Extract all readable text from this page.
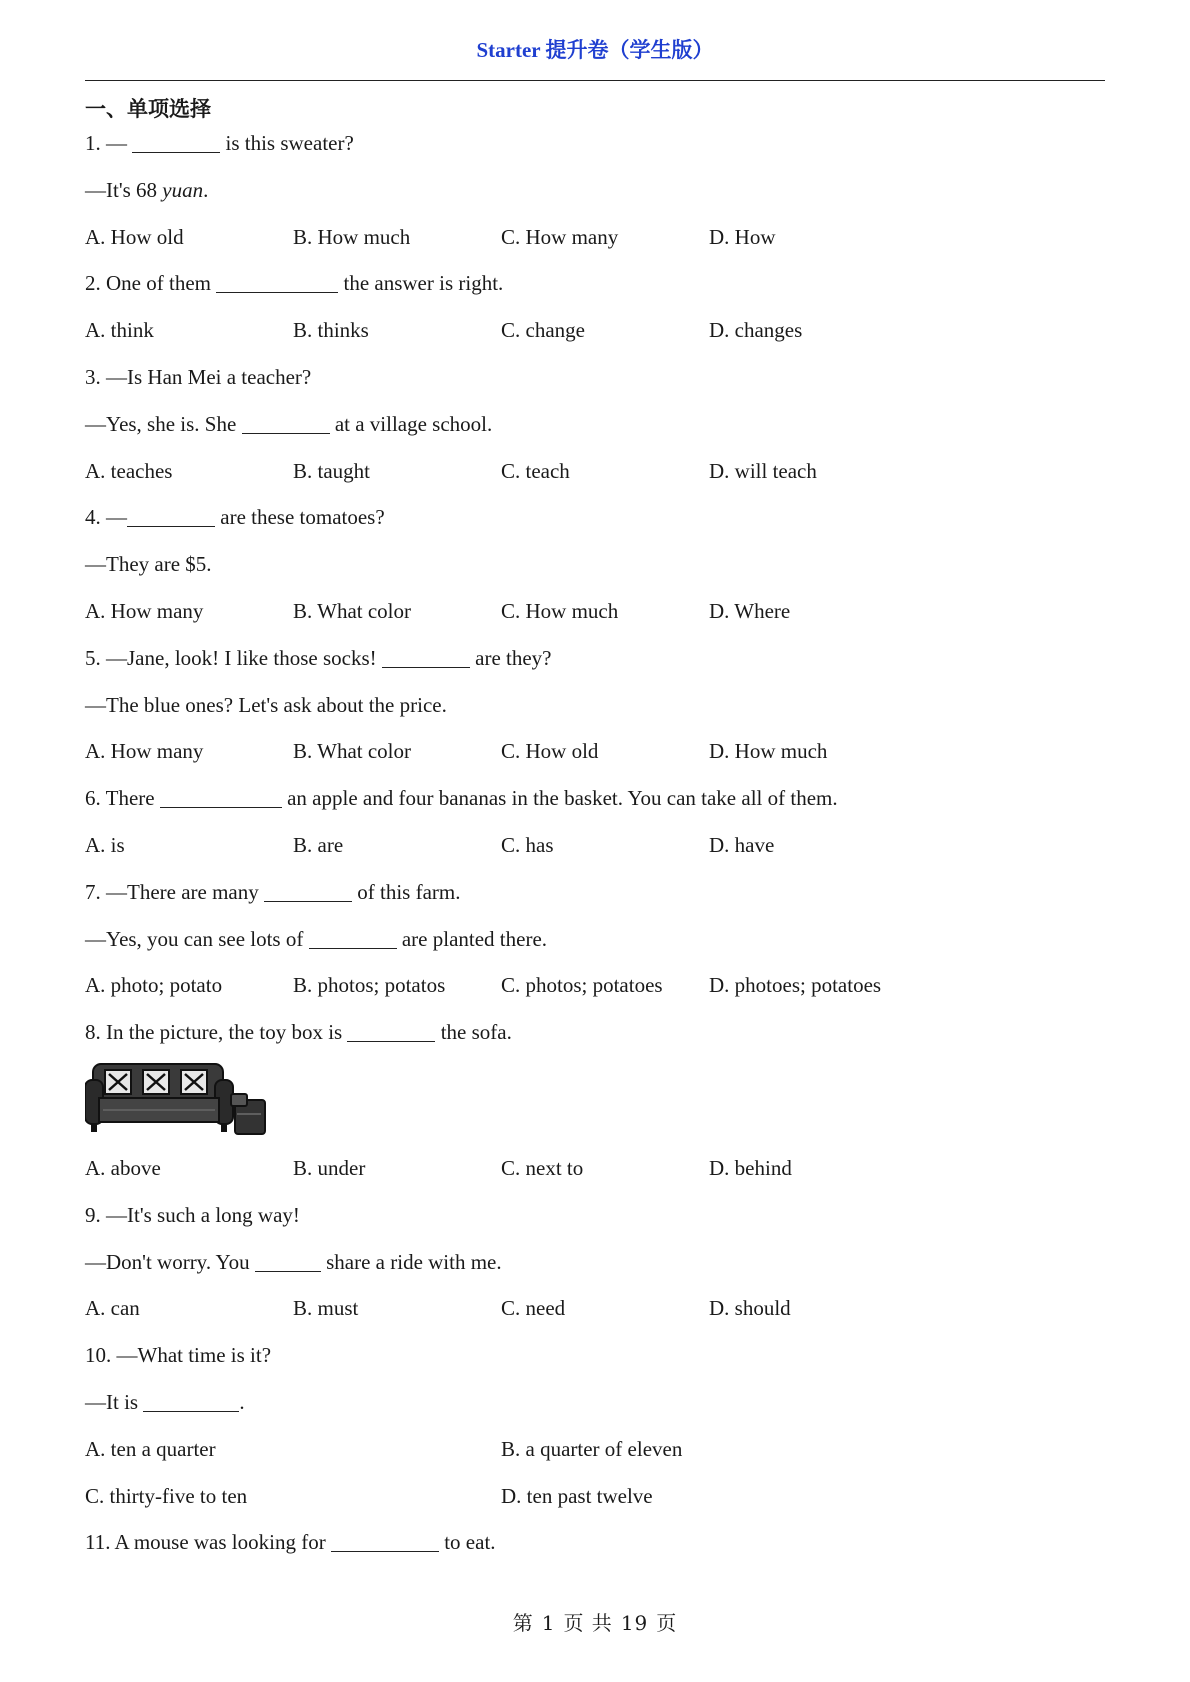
Starter 提升卷（学生版）
一、单项选择
1. —	is this sweater?
—It's 68 yuan.
A. How old	B. How much	C. How many	D. How
2. One of them	the answer is right.
A. think	B. thinks	C. change	D. changes
3. —Is Han Mei a teacher?
—Yes, she is. She	at a village school.
A. teaches	B. taught	C. teach	D. will teach
4. —	are these tomatoes?
—They are $5.
A. How many	B. What color	C. How much	D. Where
5. —Jane, look! I like those socks!	are they?
—The blue ones? Let's ask about the price.
A. How many	B. What color	C. How old	D. How much
6. There	an apple and four bananas in the basket. You can take all of them.
A. is	B. are	C. has	D. have
7. —There are many	of this farm.
—Yes, you can see lots of	are planted there.
A. photo; potato	B. photos; potatos	C. photos; potatoes	D. photoes; potatoes
8. In the picture, the toy box is	the sofa.
A. above	B. under	C. next to	D. behind
9. —It's such a long way!
—Don't worry. You	share a ride with me.
A. can	B. must	C. need	D. should
10. —What time is it?
—It is	.
A. ten a quarter	B. a quarter of eleven
C. thirty-five to ten	D. ten past twelve
11. A mouse was looking for	to eat.
第 1 页 共 19 页
